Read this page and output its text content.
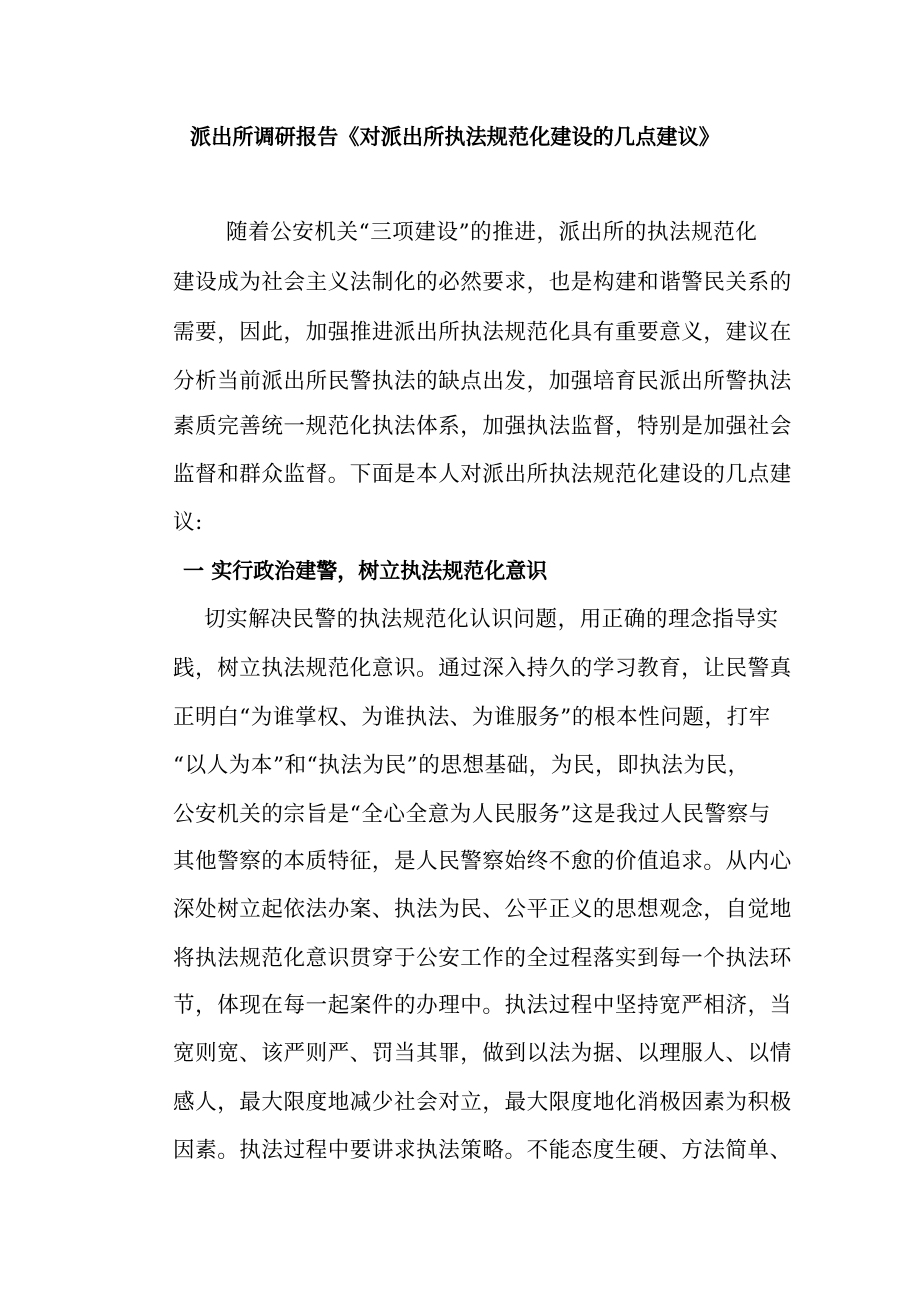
派出所调研报告《对派出所执法规范化建设的几点建议》
随着公安机关“三项建设”的推进，派出所的执法规范化
建设成为社会主义法制化的必然要求，也是构建和谐警民关系的
需要，因此，加强推进派出所执法规范化具有重要意义，建议在
分析当前派出所民警执法的缺点出发，加强培育民派出所警执法
素质完善统一规范化执法体系，加强执法监督，特别是加强社会
监督和群众监督。下面是本人对派出所执法规范化建设的几点建
议:
一 实行政治建警，树立执法规范化意识
切实解决民警的执法规范化认识问题，用正确的理念指导实
践，树立执法规范化意识。通过深入持久的学习教育，让民警真
正明白“为谁掌权、为谁执法、为谁服务”的根本性问题，打牢
“以人为本”和“执法为民”的思想基础，为民，即执法为民，
公安机关的宗旨是“全心全意为人民服务”这是我过人民警察与
其他警察的本质特征，是人民警察始终不愈的价值追求。从内心
深处树立起依法办案、执法为民、公平正义的思想观念，自觉地
将执法规范化意识贯穿于公安工作的全过程落实到每一个执法环
节，体现在每一起案件的办理中。执法过程中坚持宽严相济，当
宽则宽、该严则严、罚当其罪，做到以法为据、以理服人、以情
感人，最大限度地减少社会对立，最大限度地化消极因素为积极
因素。执法过程中要讲求执法策略。不能态度生硬、方法简单、
